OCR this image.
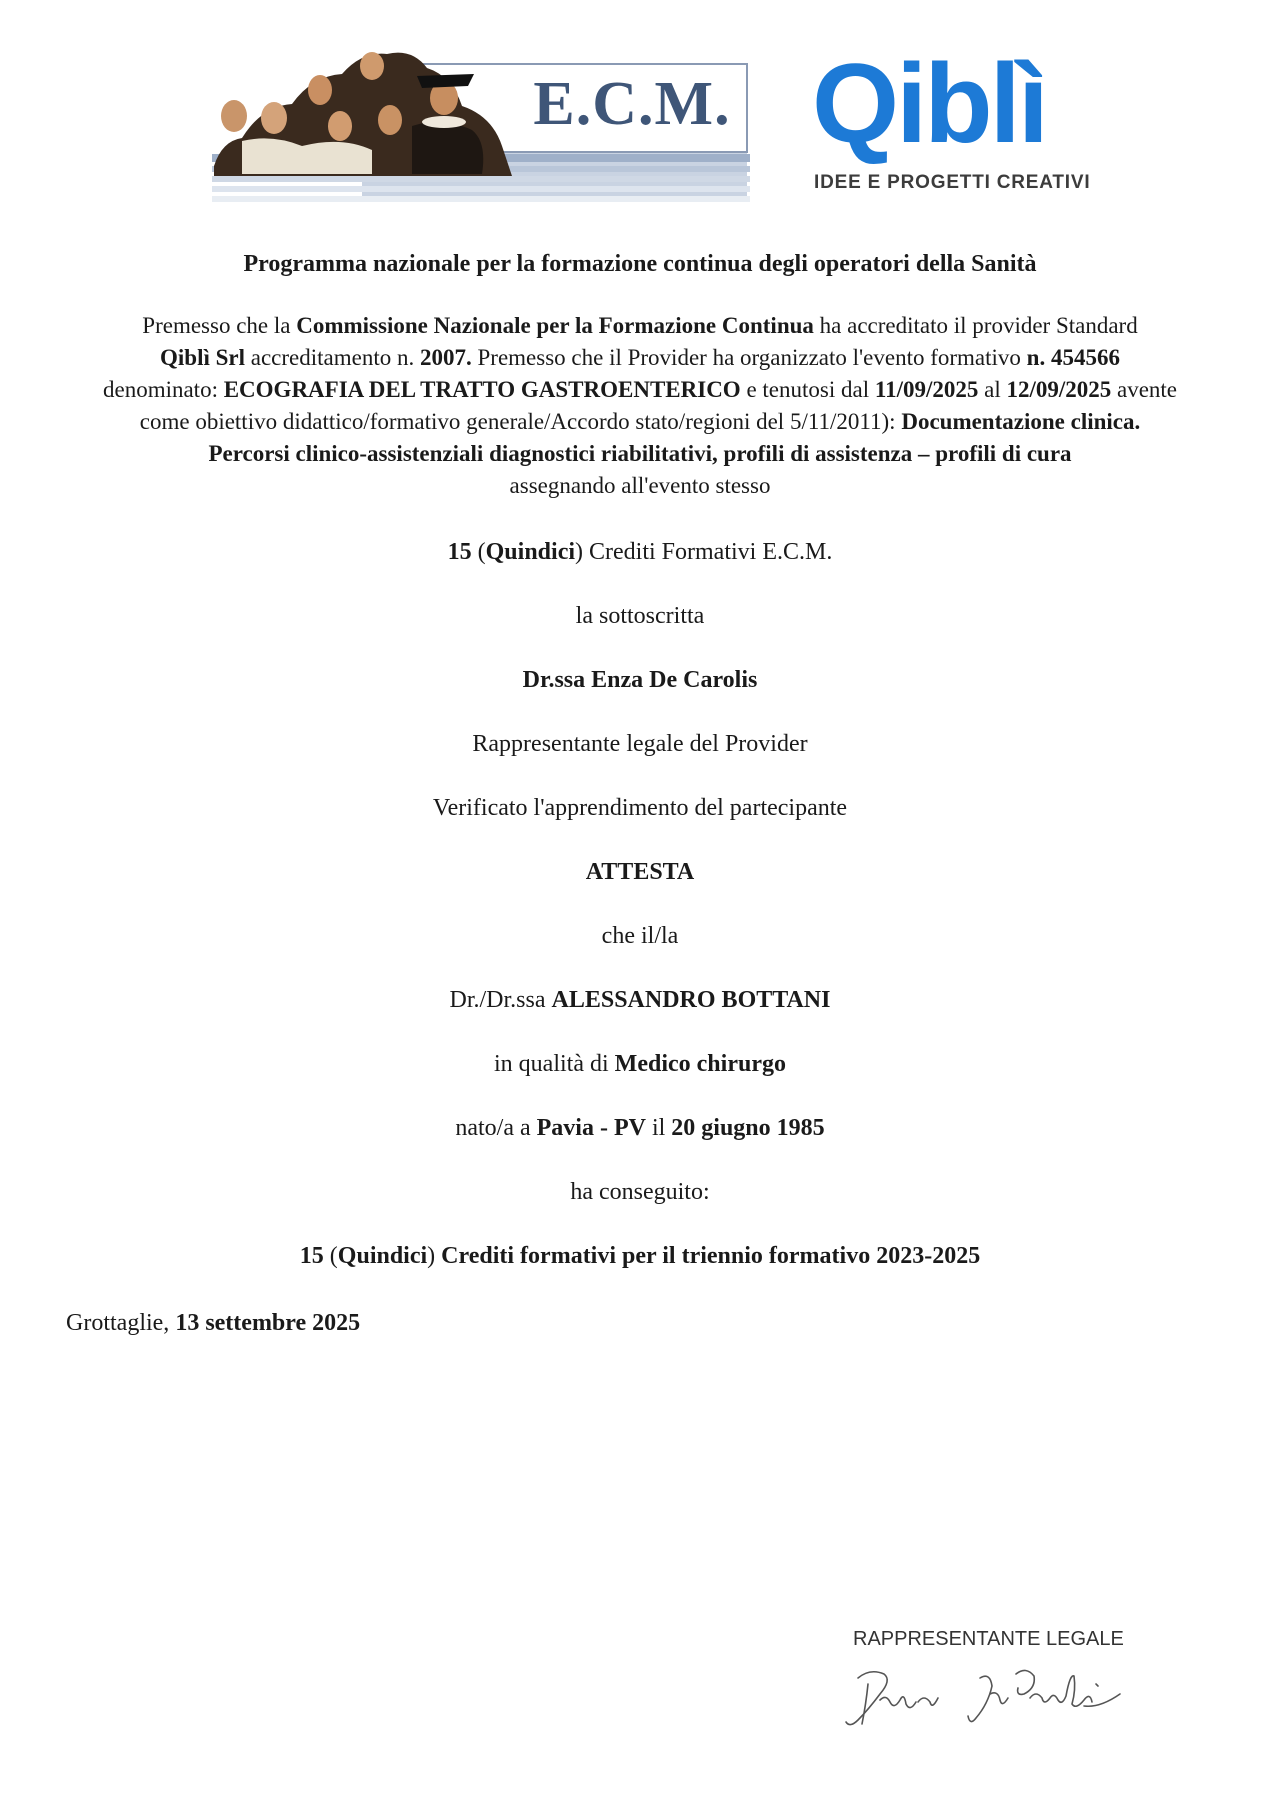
E.C.M. Qiblì
IDEE E PROGETTI CREATIVI
Programma nazionale per la formazione continua degli operatori della Sanità
Premesso che la Commissione Nazionale per la Formazione Continua ha accreditato il provider Standard
Qiblì Srl accreditamento n. 2007. Premesso che il Provider ha organizzato l'evento formativo n. 454566
denominato: ECOGRAFIA DEL TRATTO GASTROENTERICO e tenutosi dal 11/09/2025 al 12/09/2025 avente
come obiettivo didattico/formativo generale/Accordo stato/regioni del 5/11/2011): Documentazione clinica.
Percorsi clinico-assistenziali diagnostici riabilitativi, profili di assistenza – profili di cura
assegnando all'evento stesso
15 (Quindici) Crediti Formativi E.C.M.
la sottoscritta
Dr.ssa Enza De Carolis
Rappresentante legale del Provider
Verificato l'apprendimento del partecipante
ATTESTA
che il/la
Dr./Dr.ssa ALESSANDRO BOTTANI
in qualità di Medico chirurgo
nato/a a Pavia - PV il 20 giugno 1985
ha conseguito:
15 (Quindici) Crediti formativi per il triennio formativo 2023-2025
Grottaglie, 13 settembre 2025
RAPPRESENTANTE LEGALE
